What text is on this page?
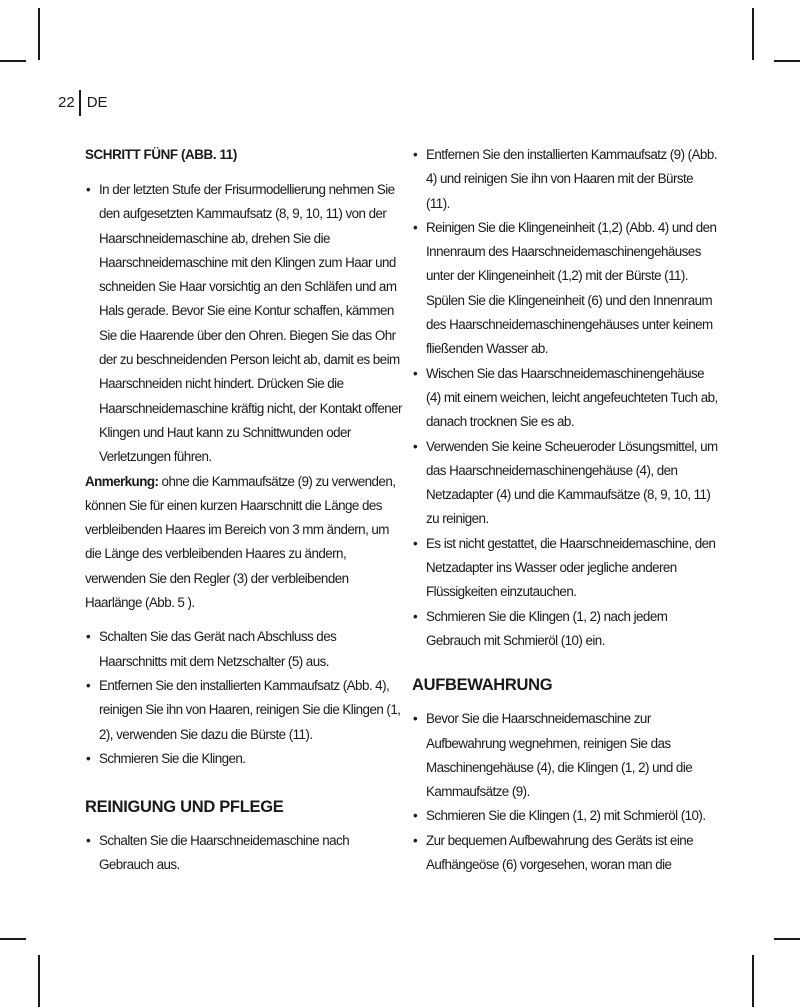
22 DE
SCHRITT FÜNF (ABB. 11)
• In der letzten Stufe der Frisurmodellierung nehmen Sie den aufgesetzten Kammaufsatz (8, 9, 10, 11) von der Haarschneidemaschine ab, drehen Sie die Haarschneidemaschine mit den Klingen zum Haar und schneiden Sie Haar vorsichtig an den Schläfen und am Hals gerade. Bevor Sie eine Kontur schaffen, kämmen Sie die Haarende über den Ohren. Biegen Sie das Ohr der zu beschneidenden Person leicht ab, damit es beim Haarschneiden nicht hindert. Drücken Sie die Haarschneidemaschine kräftig nicht, der Kontakt offener Klingen und Haut kann zu Schnittwunden oder Verletzungen führen.

Anmerkung: ohne die Kammaufsätze (9) zu verwenden, können Sie für einen kurzen Haarschnitt die Länge des verbleibenden Haares im Bereich von 3 mm ändern, um die Länge des verbleibenden Haares zu ändern, verwenden Sie den Regler (3) der verbleibenden Haarlänge (Abb. 5 ).

• Schalten Sie das Gerät nach Abschluss des Haarschnitts mit dem Netzschalter (5) aus.
• Entfernen Sie den installierten Kammaufsatz (Abb. 4), reinigen Sie ihn von Haaren, reinigen Sie die Klingen (1, 2), verwenden Sie dazu die Bürste (11).
• Schmieren Sie die Klingen.
REINIGUNG UND PFLEGE
• Schalten Sie die Haarschneidemaschine nach Gebrauch aus.
• Entfernen Sie den installierten Kammaufsatz (9) (Abb. 4) und reinigen Sie ihn von Haaren mit der Bürste (11).
• Reinigen Sie die Klingeneinheit (1,2) (Abb. 4) und den Innenraum des Haarschneidemaschinengehäuses unter der Klingeneinheit (1,2) mit der Bürste (11). Spülen Sie die Klingeneinheit (6) und den Innenraum des Haarschneidemaschinengehäuses unter keinem fließenden Wasser ab.
• Wischen Sie das Haarschneidemaschinengehäuse (4) mit einem weichen, leicht angefeuchteten Tuch ab, danach trocknen Sie es ab.
• Verwenden Sie keine Scheueroder Lösungsmittel, um das Haarschneidemaschinengehäuse (4), den Netzadapter (4) und die Kammaufsätze (8, 9, 10, 11) zu reinigen.
• Es ist nicht gestattet, die Haarschneidemaschine, den Netzadapter ins Wasser oder jegliche anderen Flüssigkeiten einzutauchen.
• Schmieren Sie die Klingen (1, 2) nach jedem Gebrauch mit Schmieröl (10) ein.
AUFBEWAHRUNG
• Bevor Sie die Haarschneidemaschine zur Aufbewahrung wegnehmen, reinigen Sie das Maschinengehäuse (4), die Klingen (1, 2) und die Kammaufsätze (9).
• Schmieren Sie die Klingen (1, 2) mit Schmieröl (10).
• Zur bequemen Aufbewahrung des Geräts ist eine Aufhängeöse (6) vorgesehen, woran man die
